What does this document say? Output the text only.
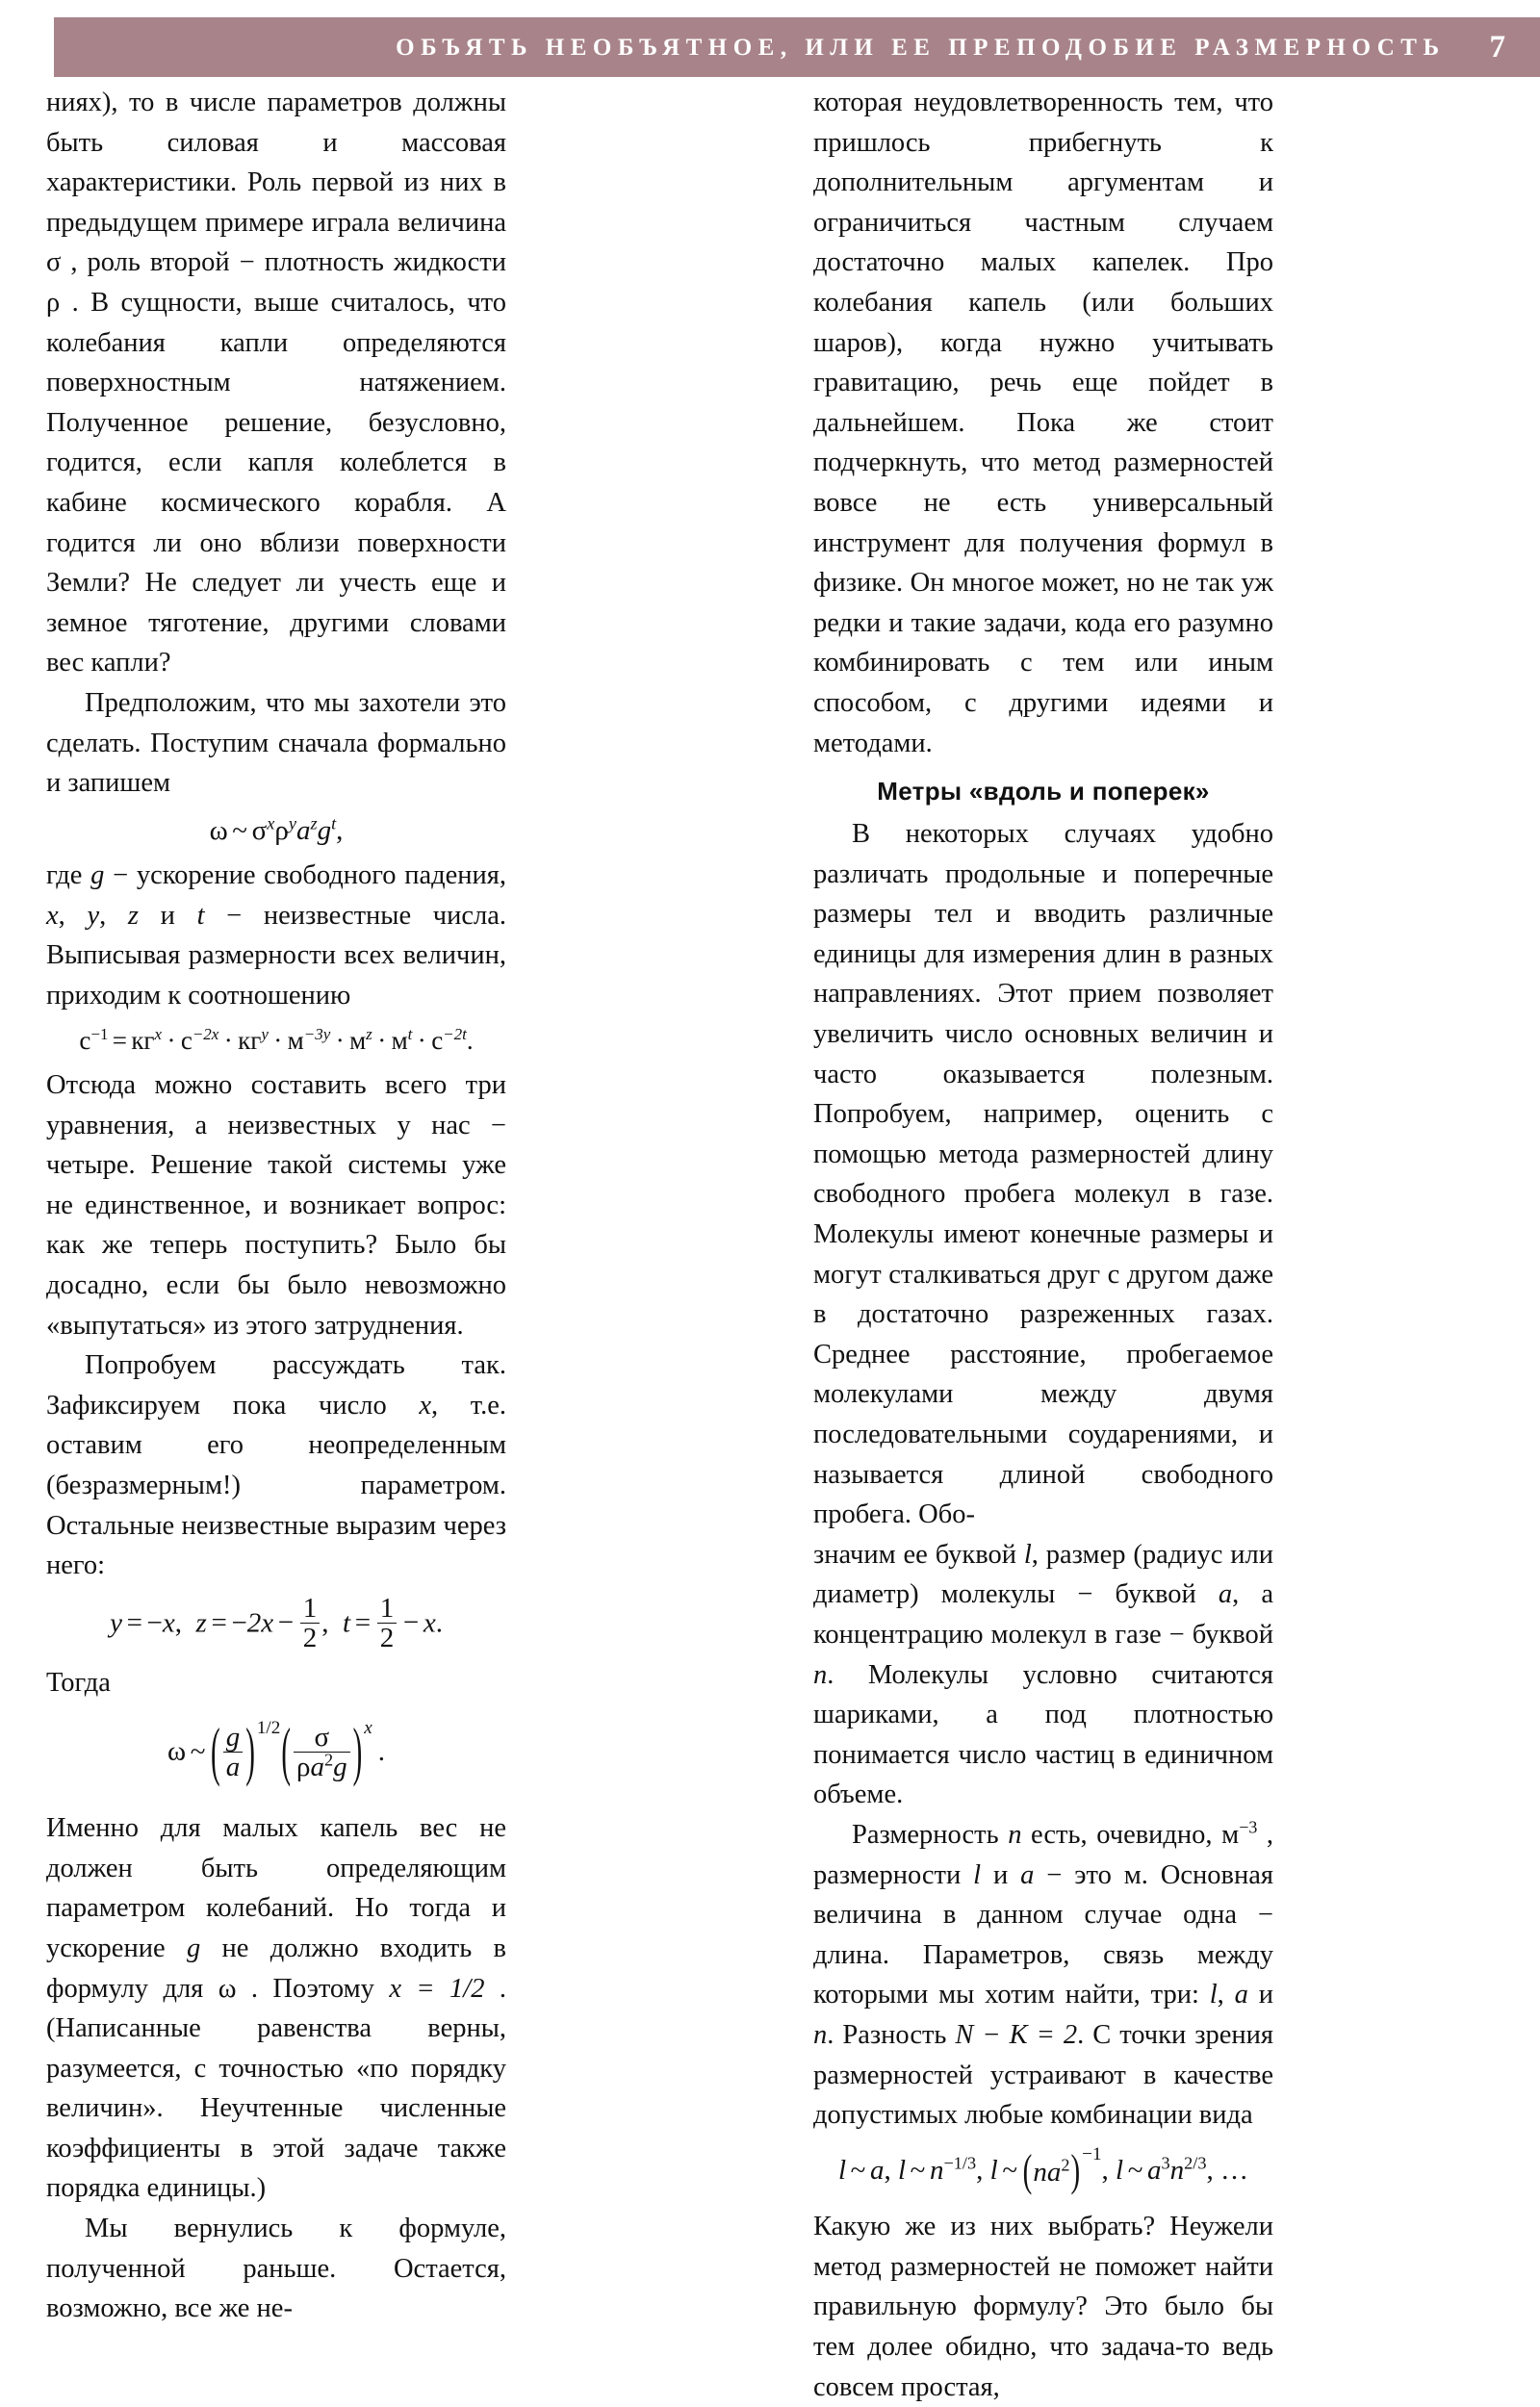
ОБЪЯТЬ НЕОБЪЯТНОЕ, ИЛИ ЕЕ ПРЕПОДОБИЕ РАЗМЕРНОСТЬ 7

ниях), то в числе параметров должны быть силовая и массовая характеристики. Роль первой из них в предыдущем примере играла величина σ , роль второй − плотность жидкости ρ . В сущности, выше считалось, что колебания капли определяются поверхностным натяжением. Полученное решение, безусловно, годится, если капля колеблется в кабине космического корабля. А годится ли оно вблизи поверхности Земли? Не следует ли учесть еще и земное тяготение, другими словами вес капли?

Предположим, что мы захотели это сделать. Поступим сначала формально и запишем

ω ~ $\sigma^x\rho^ya^zg^t$,

где g − ускорение свободного падения, x, y, z и t − неизвестные числа. Выписывая размерности всех величин, приходим к соотношению

$с^{-1} = кг^x \cdot с^{-2x} \cdot кг^y \cdot м^{-3y} \cdot м^z \cdot м^t \cdot с^{-2t}$.

Отсюда можно составить всего три уравнения, а неизвестных у нас − четыре. Решение такой системы уже не единственное, и возникает вопрос: как же теперь поступить? Было бы досадно, если бы было невозможно «выпутаться» из этого затруднения.

Попробуем рассуждать так. Зафиксируем пока число x, т.е. оставим его неопределенным (безразмерным!) параметром. Остальные неизвестные выразим через него:

y = −x, $z = -2x - \frac{1}{2}$ , $t = \frac{1}{2} - x$.

Тогда

ω ~ ( $\frac{g}{a}$ ) $1/2( \frac{\sigma}{\rho a^2g}$ ) x.

Именно для малых капель вес не должен быть определяющим параметром колебаний. Но тогда и ускорение g не должно входить в формулу для ω . Поэтому x = 1/2 . (Написанные равенства верны, разумеется, с точностью «по порядку величин». Неучтенные численные коэффициенты в этой задаче также порядка единицы.)

Мы вернулись к формуле, полученной раньше. Остается, возможно, все же не-

которая неудовлетворенность тем, что пришлось прибегнуть к дополнительным аргументам и ограничиться частным случаем достаточно малых капелек. Про колебания капель (или больших шаров), когда нужно учитывать гравитацию, речь еще пойдет в дальнейшем. Пока же стоит подчеркнуть, что метод размерностей вовсе не есть универсальный инструмент для получения формул в физике. Он многое может, но не так уж редки и такие задачи, кода его разумно комбинировать с тем или иным способом, с другими идеями и методами.

Метры «вдоль и поперек»

В некоторых случаях удобно различать продольные и поперечные размеры тел и вводить различные единицы для измерения длин в разных направлениях. Этот прием позволяет увеличить число основных величин и часто оказывается полезным. Попробуем, например, оценить с помощью метода размерностей длину свободного пробега молекул в газе. Молекулы имеют конечные размеры и могут сталкиваться друг с другом даже в достаточно разреженных газах. Среднее расстояние, пробегаемое молекулами между двумя последовательными соударениями, и называется длиной свободного пробега. Обо-

значим ее буквой l, размер (радиус или диаметр) молекулы − буквой a, а концентрацию молекул в газе − буквой n. Молекулы условно считаются шариками, а под плотностью понимается число частиц в единичном объеме.

Размерность n есть, очевидно, $м^{-3}$ , размерности l и a − это м. Основная величина в данном случае одна − длина. Параметров, связь между которыми мы хотим найти, три: l, a и n. Разность N − K = 2. С точки зрения размерностей устраивают в качестве допустимых любые комбинации вида

l ~ a, l ~ $n^{-1/3}$, l ~ $(na^2) -1$, l ~ $a^3n^{2/3}$, …

Какую же из них выбрать? Неужели метод размерностей не поможет найти правильную формулу? Это было бы тем долее обидно, что задача-то ведь совсем простая,
